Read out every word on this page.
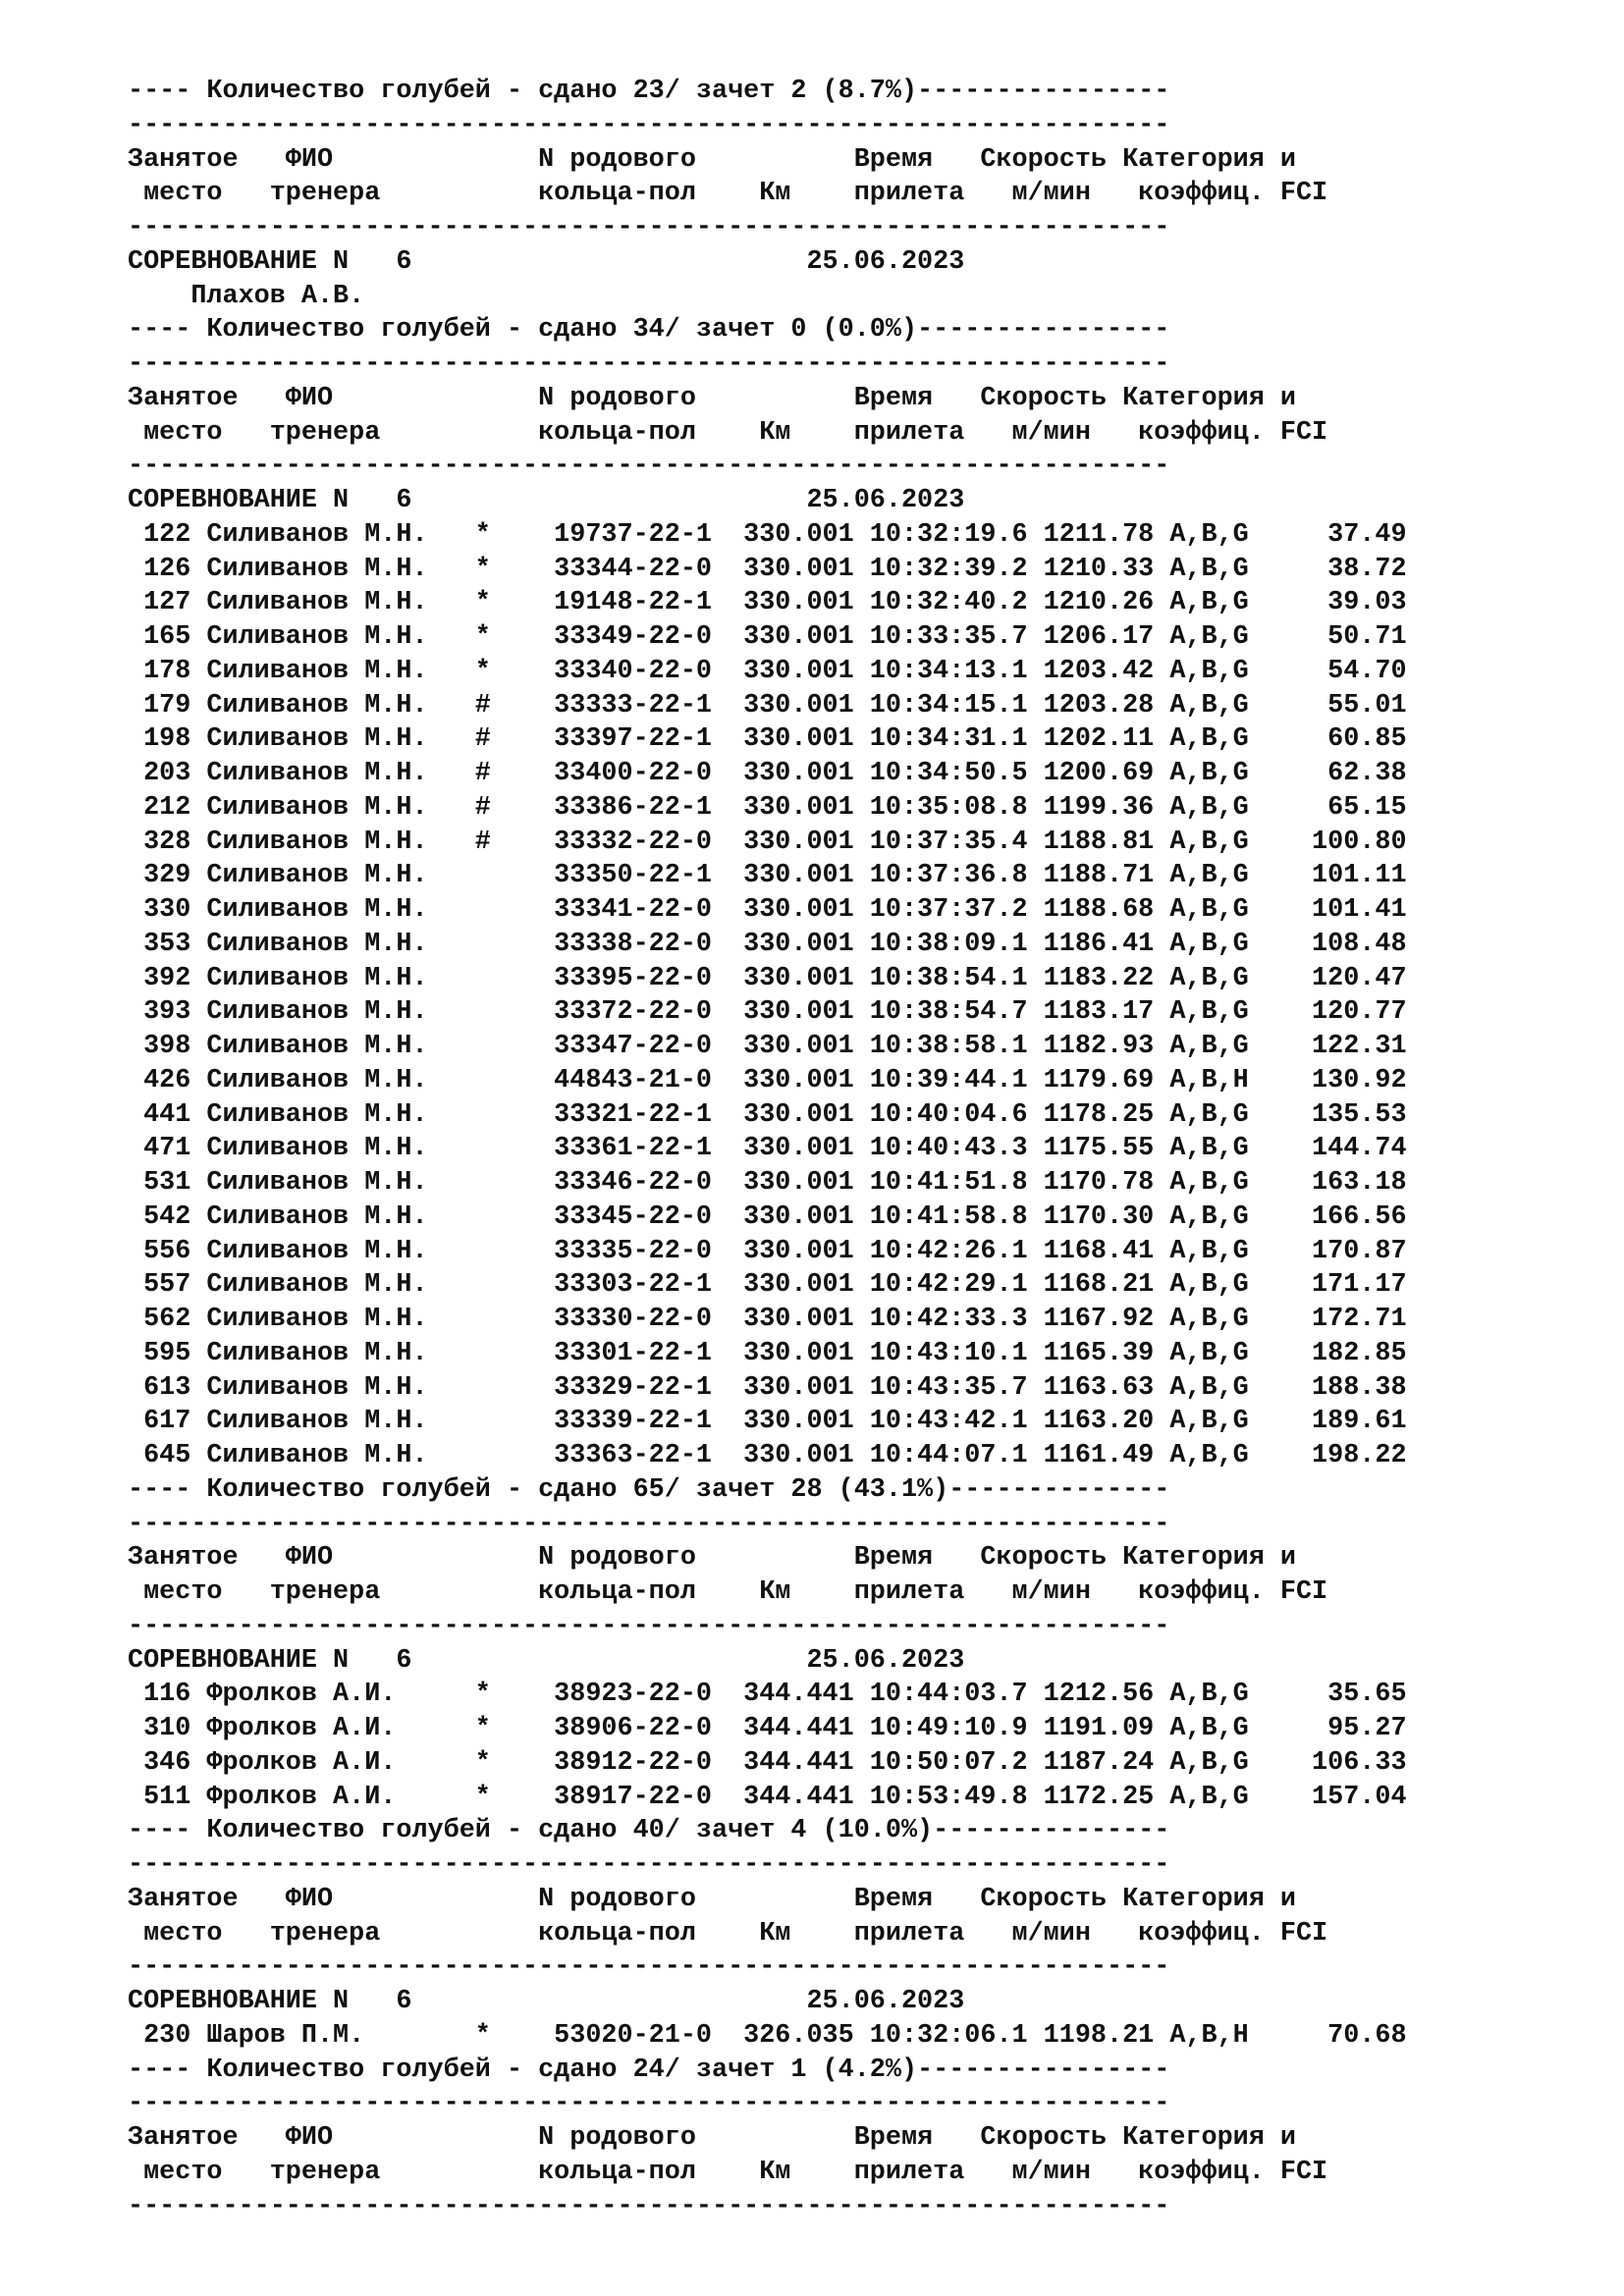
---- Количество голубей - сдано 23/ зачет 2 (8.7%)----------------
------------------------------------------------------------------
Занятое   ФИО             N родового          Время   Скорость Категория и
место   тренера          кольца-пол    Км    прилета   м/мин   коэффиц. FCI
------------------------------------------------------------------
СОРЕВНОВАНИЕ N   6                         25.06.2023
Плахов А.В.
---- Количество голубей - сдано 34/ зачет 0 (0.0%)----------------
------------------------------------------------------------------
Занятое   ФИО             N родового          Время   Скорость Категория и
место   тренера          кольца-пол    Км    прилета   м/мин   коэффиц. FCI
------------------------------------------------------------------
СОРЕВНОВАНИЕ N   6                         25.06.2023
122 Силиванов М.Н.   *    19737-22-1  330.001 10:32:19.6 1211.78 A,B,G     37.49
126 Силиванов М.Н.   *    33344-22-0  330.001 10:32:39.2 1210.33 A,B,G     38.72
127 Силиванов М.Н.   *    19148-22-1  330.001 10:32:40.2 1210.26 A,B,G     39.03
165 Силиванов М.Н.   *    33349-22-0  330.001 10:33:35.7 1206.17 A,B,G     50.71
178 Силиванов М.Н.   *    33340-22-0  330.001 10:34:13.1 1203.42 A,B,G     54.70
179 Силиванов М.Н.   #    33333-22-1  330.001 10:34:15.1 1203.28 A,B,G     55.01
198 Силиванов М.Н.   #    33397-22-1  330.001 10:34:31.1 1202.11 A,B,G     60.85
203 Силиванов М.Н.   #    33400-22-0  330.001 10:34:50.5 1200.69 A,B,G     62.38
212 Силиванов М.Н.   #    33386-22-1  330.001 10:35:08.8 1199.36 A,B,G     65.15
328 Силиванов М.Н.   #    33332-22-0  330.001 10:37:35.4 1188.81 A,B,G    100.80
329 Силиванов М.Н.        33350-22-1  330.001 10:37:36.8 1188.71 A,B,G    101.11
330 Силиванов М.Н.        33341-22-0  330.001 10:37:37.2 1188.68 A,B,G    101.41
353 Силиванов М.Н.        33338-22-0  330.001 10:38:09.1 1186.41 A,B,G    108.48
392 Силиванов М.Н.        33395-22-0  330.001 10:38:54.1 1183.22 A,B,G    120.47
393 Силиванов М.Н.        33372-22-0  330.001 10:38:54.7 1183.17 A,B,G    120.77
398 Силиванов М.Н.        33347-22-0  330.001 10:38:58.1 1182.93 A,B,G    122.31
426 Силиванов М.Н.        44843-21-0  330.001 10:39:44.1 1179.69 A,B,H    130.92
441 Силиванов М.Н.        33321-22-1  330.001 10:40:04.6 1178.25 A,B,G    135.53
471 Силиванов М.Н.        33361-22-1  330.001 10:40:43.3 1175.55 A,B,G    144.74
531 Силиванов М.Н.        33346-22-0  330.001 10:41:51.8 1170.78 A,B,G    163.18
542 Силиванов М.Н.        33345-22-0  330.001 10:41:58.8 1170.30 A,B,G    166.56
556 Силиванов М.Н.        33335-22-0  330.001 10:42:26.1 1168.41 A,B,G    170.87
557 Силиванов М.Н.        33303-22-1  330.001 10:42:29.1 1168.21 A,B,G    171.17
562 Силиванов М.Н.        33330-22-0  330.001 10:42:33.3 1167.92 A,B,G    172.71
595 Силиванов М.Н.        33301-22-1  330.001 10:43:10.1 1165.39 A,B,G    182.85
613 Силиванов М.Н.        33329-22-1  330.001 10:43:35.7 1163.63 A,B,G    188.38
617 Силиванов М.Н.        33339-22-1  330.001 10:43:42.1 1163.20 A,B,G    189.61
645 Силиванов М.Н.        33363-22-1  330.001 10:44:07.1 1161.49 A,B,G    198.22
---- Количество голубей - сдано 65/ зачет 28 (43.1%)--------------
------------------------------------------------------------------
Занятое   ФИО             N родового          Время   Скорость Категория и
место   тренера          кольца-пол    Км    прилета   м/мин   коэффиц. FCI
------------------------------------------------------------------
СОРЕВНОВАНИЕ N   6                         25.06.2023
116 Фролков А.И.     *    38923-22-0  344.441 10:44:03.7 1212.56 A,B,G     35.65
310 Фролков А.И.     *    38906-22-0  344.441 10:49:10.9 1191.09 A,B,G     95.27
346 Фролков А.И.     *    38912-22-0  344.441 10:50:07.2 1187.24 A,B,G    106.33
511 Фролков А.И.     *    38917-22-0  344.441 10:53:49.8 1172.25 A,B,G    157.04
---- Количество голубей - сдано 40/ зачет 4 (10.0%)---------------
------------------------------------------------------------------
Занятое   ФИО             N родового          Время   Скорость Категория и
место   тренера          кольца-пол    Км    прилета   м/мин   коэффиц. FCI
------------------------------------------------------------------
СОРЕВНОВАНИЕ N   6                         25.06.2023
230 Шаров П.М.       *    53020-21-0  326.035 10:32:06.1 1198.21 A,B,H     70.68
---- Количество голубей - сдано 24/ зачет 1 (4.2%)----------------
------------------------------------------------------------------
Занятое   ФИО             N родового          Время   Скорость Категория и
место   тренера          кольца-пол    Км    прилета   м/мин   коэффиц. FCI
------------------------------------------------------------------
